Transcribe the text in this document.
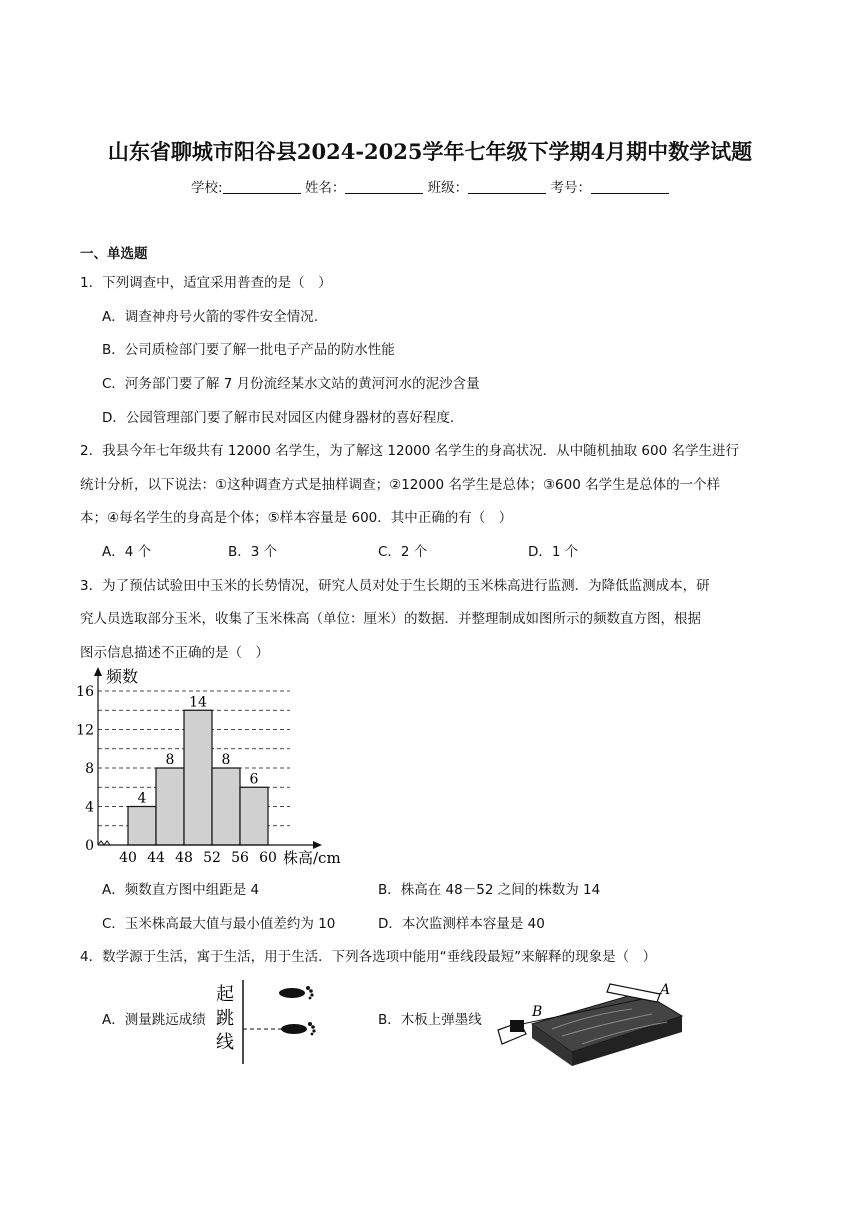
山东省聊城市阳谷县2024-2025学年七年级下学期4月期中数学试题
学校:	姓名：	班级：	考号：
一、单选题
1．下列调查中，适宜采用普查的是（　）
A．调查神舟号火箭的零件安全情况.
B．公司质检部门要了解一批电子产品的防水性能
C．河务部门要了解 7 月份流经某水文站的黄河河水的泥沙含量
D．公园管理部门要了解市民对园区内健身器材的喜好程度.
2．我县今年七年级共有 12000 名学生，为了解这 12000 名学生的身高状况．从中随机抽取 600 名学生进行
统计分析，以下说法：①这种调查方式是抽样调查；②12000 名学生是总体；③600 名学生是总体的一个样
本；④每名学生的身高是个体；⑤样本容量是 600．其中正确的有（　）
A．4 个	B．3 个	C．2 个	D．1 个
3．为了预估试验田中玉米的长势情况，研究人员对处于生长期的玉米株高进行监测．为降低监测成本，研
究人员选取部分玉米，收集了玉米株高（单位：厘米）的数据．并整理制成如图所示的频数直方图，根据
图示信息描述不正确的是（　）
4
8
14
8
6
频数
株高/cm
40 44 48 52 56 60
0
4
8
12
16
A．频数直方图中组距是 4	B．株高在 48－52 之间的株数为 14
C．玉米株高最大值与最小值差约为 10	D．本次监测样本容量是 40
4．数学源于生活，寓于生活，用于生活．下列各选项中能用“垂线段最短”来解释的现象是（　）
A．测量跳远成绩
起
跳
线
B．木板上弹墨线	B
A
